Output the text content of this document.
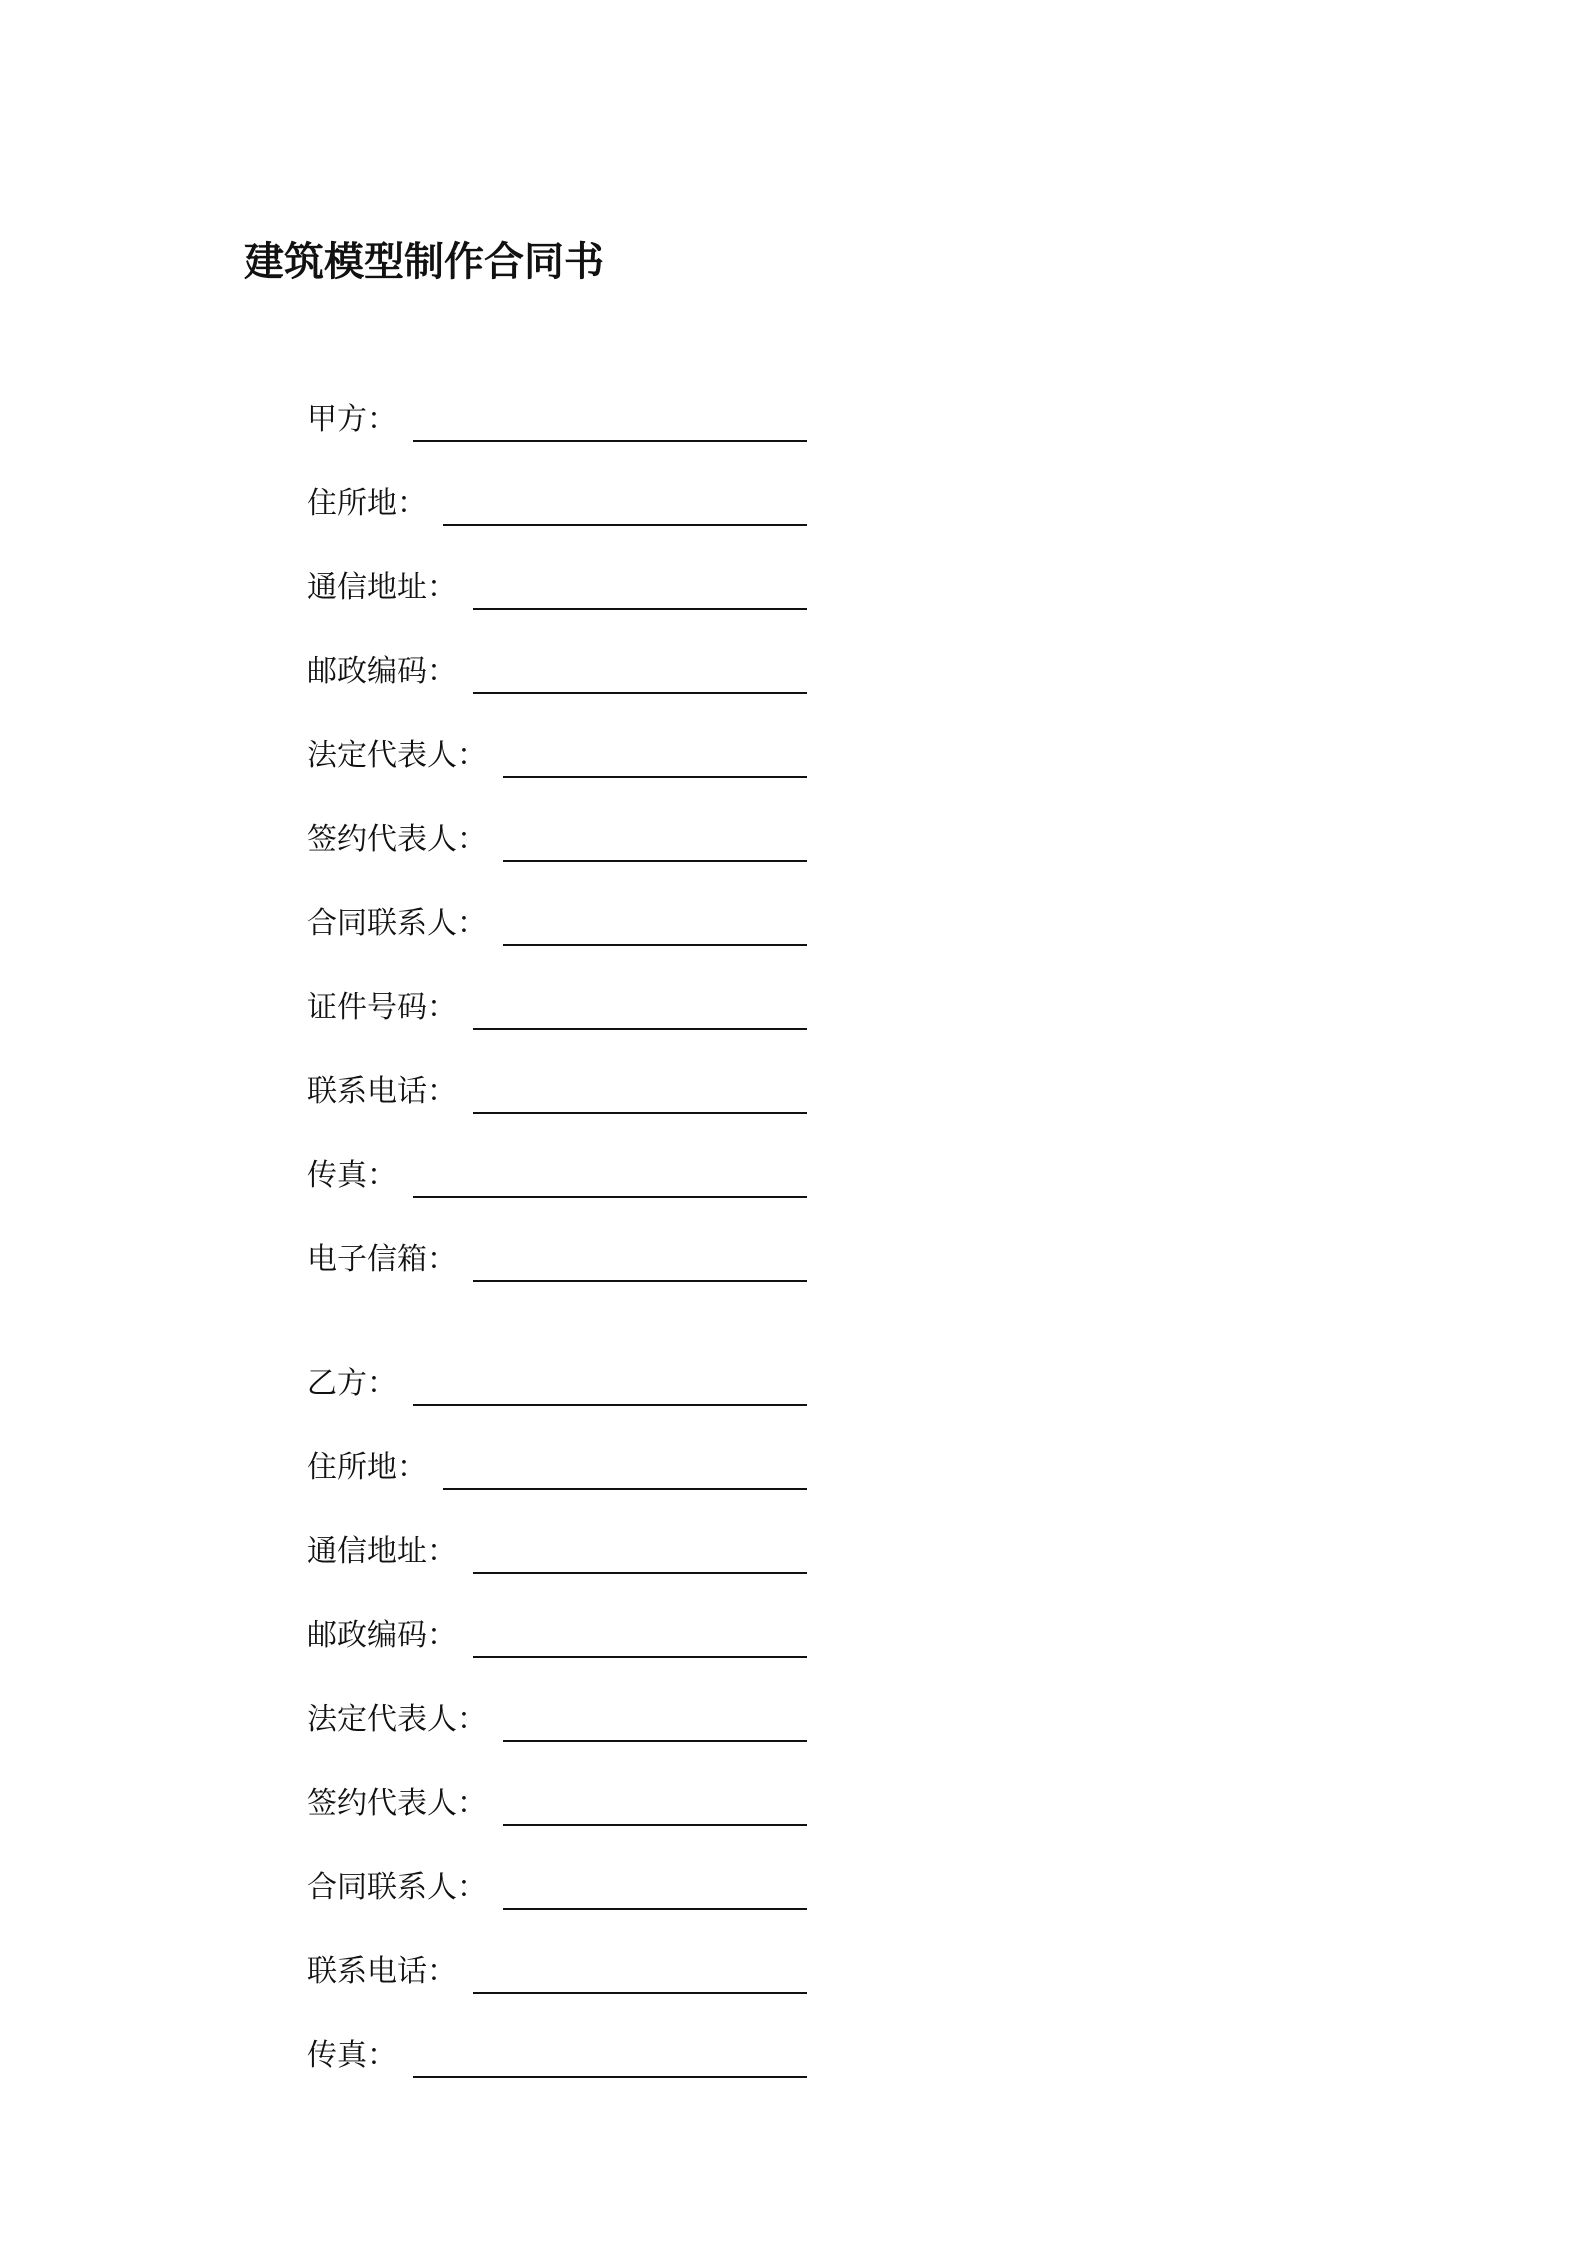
建筑模型制作合同书
甲方 ：
住所地 ：
通信地址 ：
邮政编码 ：
法定代表人 ：
签约代表人 ：
合同联系人 ：
证件号码 ：
联系电话 ：
传真 ：
电子信箱 ：
乙方 ：
住所地 ：
通信地址 ：
邮政编码 ：
法定代表人 ：
签约代表人 ：
合同联系人 ：
联系电话 ：
传真 ：
